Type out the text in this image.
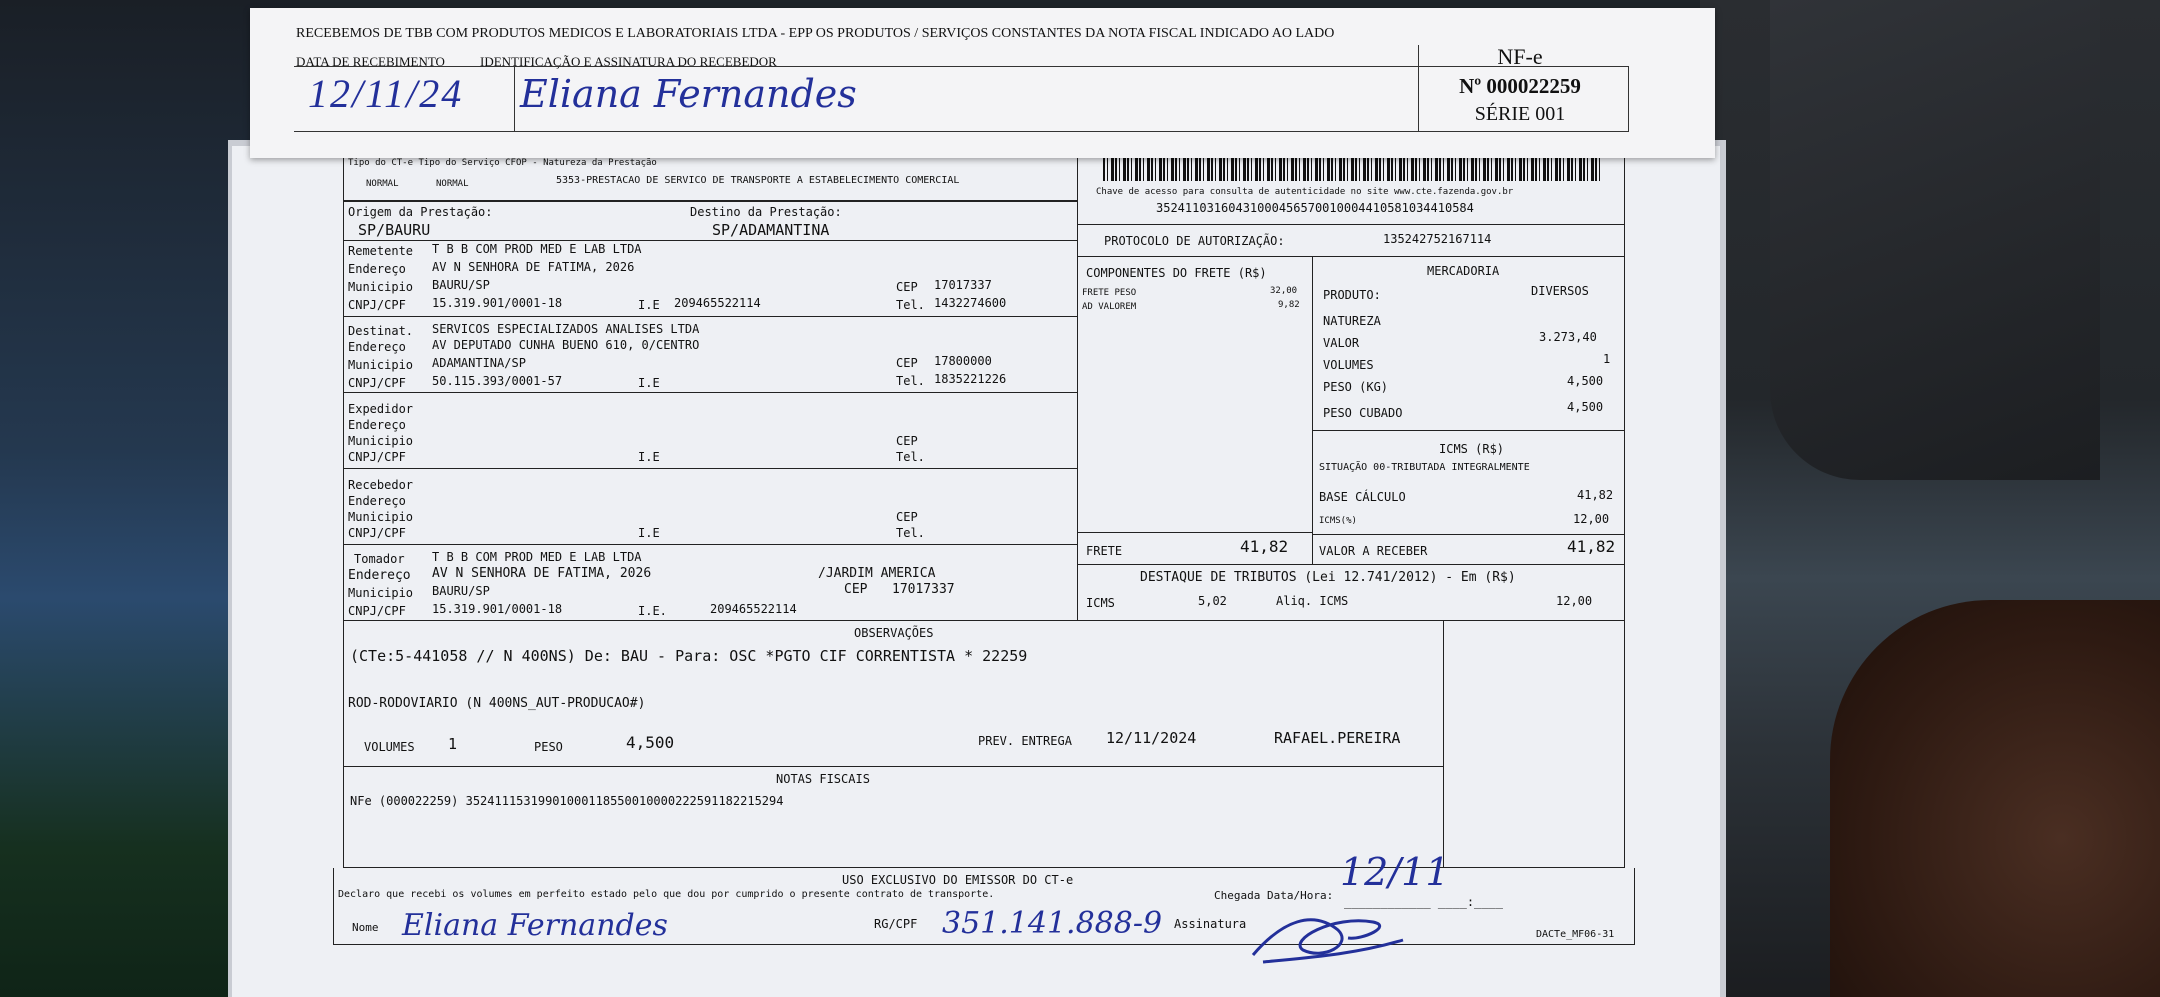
Tipo do CT-e Tipo do Serviço CFOP - Natureza da Prestação
NORMAL	NORMAL	5353-PRESTACAO DE SERVICO DE TRANSPORTE A ESTABELECIMENTO COMERCIAL
Origem da Prestação:
SP/BAURU
Destino da Prestação:
SP/ADAMANTINA
Chave de acesso para consulta de autenticidade no site www.cte.fazenda.gov.br
35241103160431000456570010004410581034410584
PROTOCOLO DE AUTORIZAÇÃO:	135242752167114
Remetente T B B COM PROD MED E LAB LTDA
Endereço AV N SENHORA DE FATIMA, 2026
Municipio BAURU/SP	CEP 17017337
CNPJ/CPF 15.319.901/0001-18	I.E 209465522114	Tel. 1432274600
Destinat. SERVICOS ESPECIALIZADOS ANALISES LTDA
Endereço AV DEPUTADO CUNHA BUENO 610, 0/CENTRO
Municipio ADAMANTINA/SP	CEP 17800000
CNPJ/CPF 50.115.393/0001-57	I.E	Tel. 1835221226
Expedidor
Endereço
Municipio
CNPJ/CPF	I.E
CEP
Tel.
Recebedor
Endereço
Municipio
CNPJ/CPF	I.E
CEP
Tel.
Tomador T B B COM PROD MED E LAB LTDA
Endereço AV N SENHORA DE FATIMA, 2026	/JARDIM AMERICA
Municipio BAURU/SP	CEP 17017337
CNPJ/CPF 15.319.901/0001-18	I.E.	209465522114
COMPONENTES DO FRETE (R$)
FRETE PESO	32,00
AD VALOREM	9,82
FRETE	41,82
MERCADORIA
PRODUTO:	DIVERSOS
NATUREZA
VALOR	3.273,40
VOLUMES	1
PESO (KG)	4,500
PESO CUBADO	4,500
ICMS (R$)
SITUAÇÃO 00-TRIBUTADA INTEGRALMENTE
BASE CÁLCULO	41,82
ICMS(%)	12,00
VALOR A RECEBER	41,82
DESTAQUE DE TRIBUTOS (Lei 12.741/2012) - Em (R$)
ICMS	5,02	Aliq. ICMS	12,00
OBSERVAÇÕES
(CTe:5-441058 // N 400NS) De: BAU - Para: OSC *PGTO CIF CORRENTISTA * 22259
ROD-RODOVIARIO (N 400NS_AUT-PRODUCAO#)
VOLUMES 1	PESO	4,500	PREV. ENTREGA 12/11/2024	RAFAEL.PEREIRA
NOTAS FISCAIS
NFe (000022259) 35241115319901000118550010000222591182215294
USO EXCLUSIVO DO EMISSOR DO CT-e
Declaro que recebi os volumes em perfeito estado pelo que dou por cumprido o presente contrato de transporte.	Chegada Data/Hora:
12/11
____________ ____:____
Nome Eliana Fernandes	RG/CPF 351.141.888-9 Assinatura
DACTe_MF06-31
RECEBEMOS DE TBB COM PRODUTOS MEDICOS E LABORATORIAIS LTDA - EPP OS PRODUTOS / SERVIÇOS CONSTANTES DA NOTA FISCAL INDICADO AO LADO
DATA DE RECEBIMENTO	IDENTIFICAÇÃO E ASSINATURA DO RECEBEDOR
12/11/24 Eliana Fernandes
NF-e
Nº 000022259
SÉRIE 001
